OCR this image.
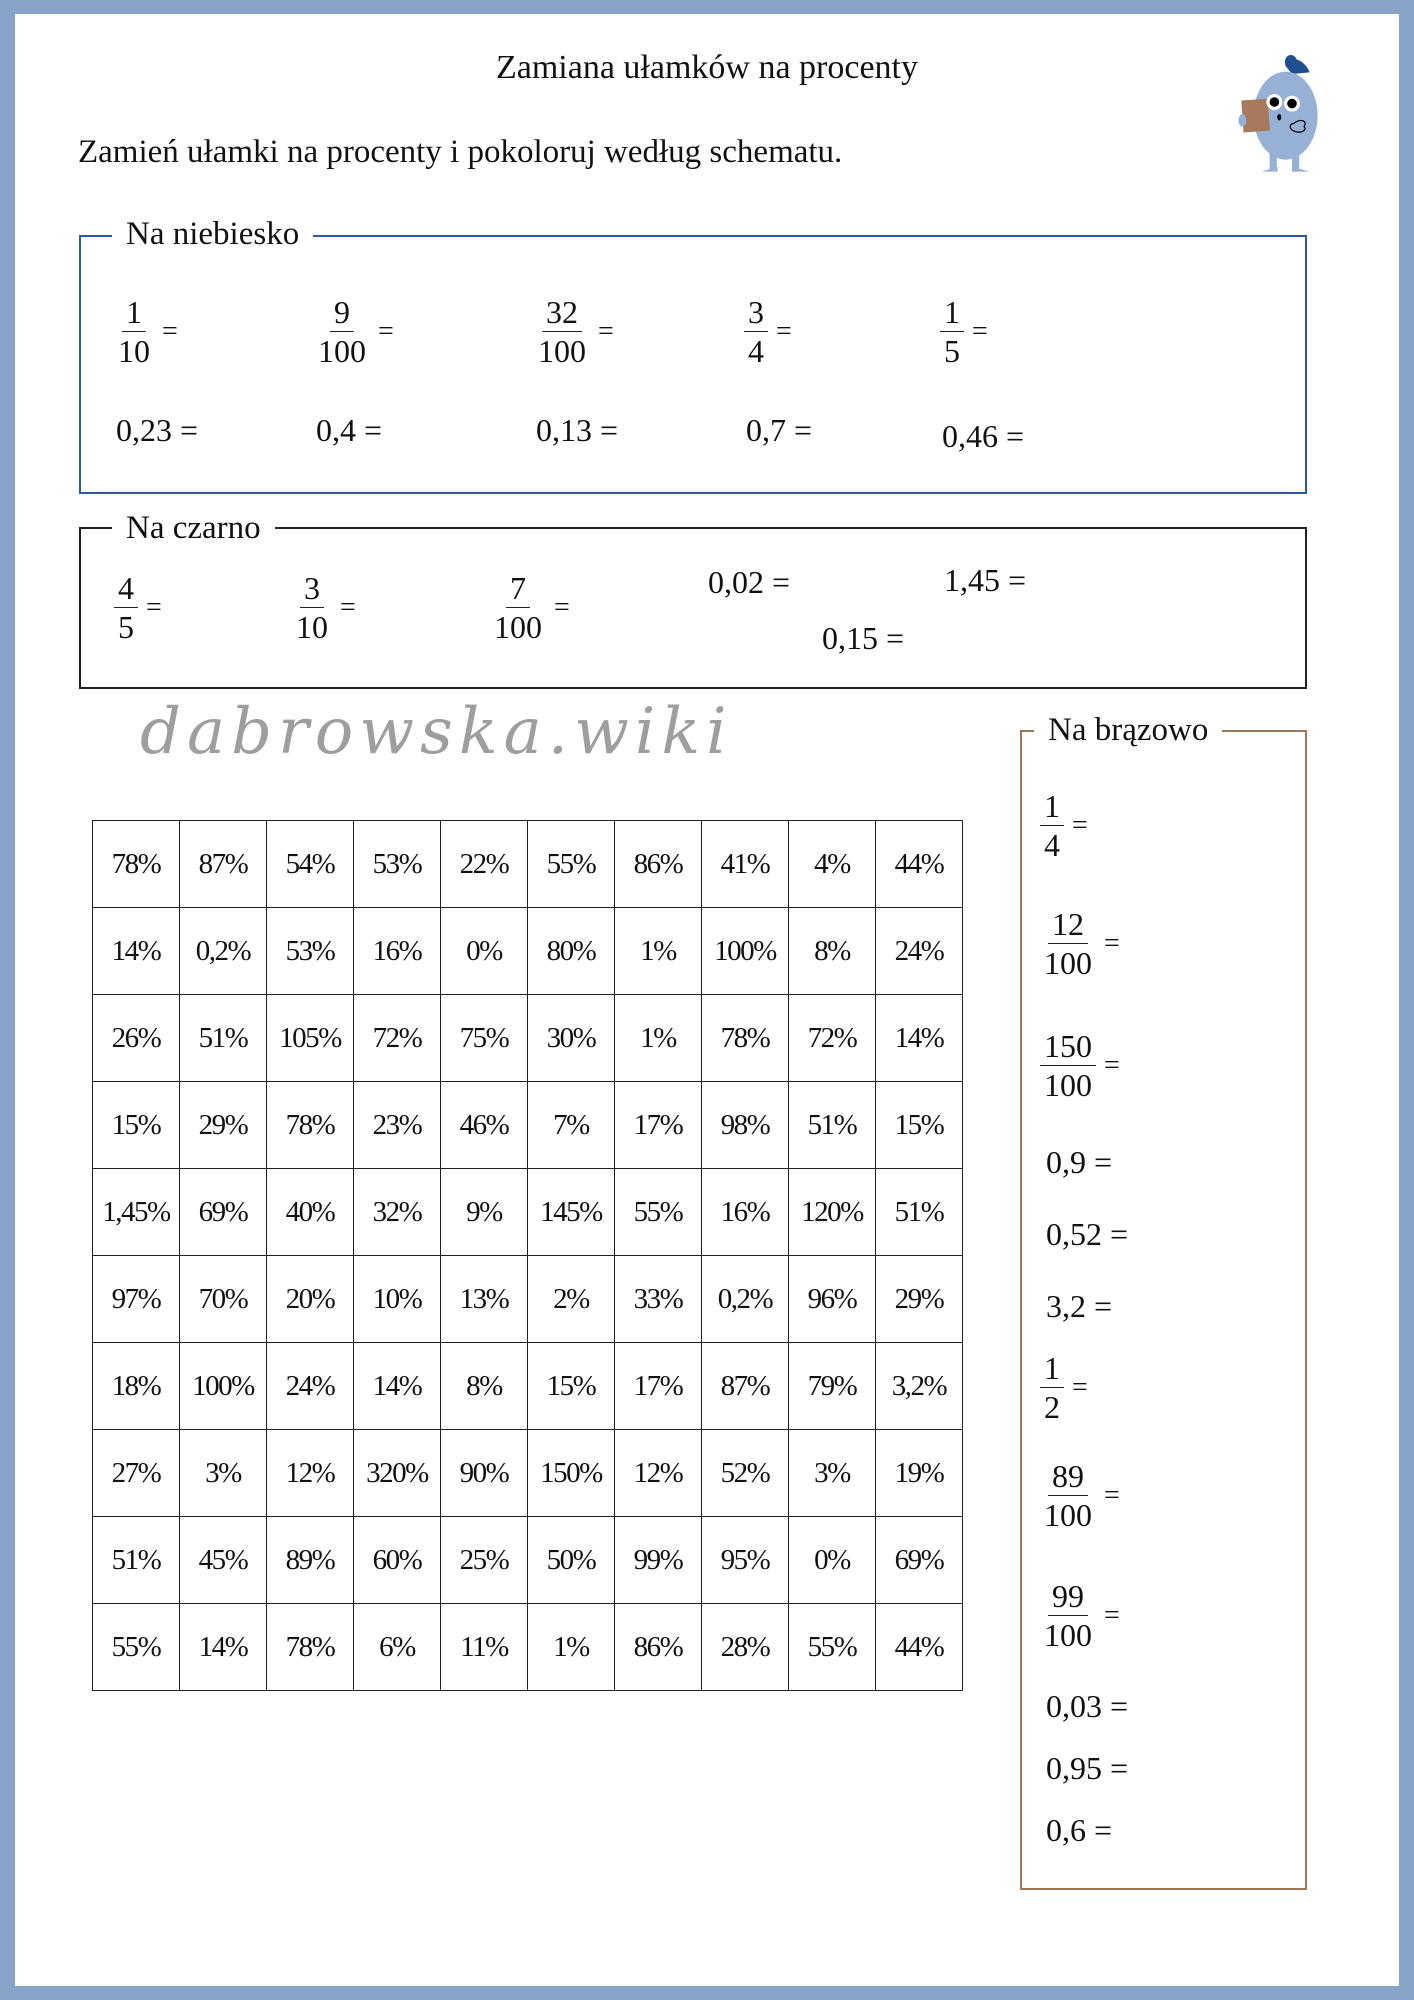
Zamiana ułamków na procenty
Zamień ułamki na procenty i pokoloruj według schematu.
dabrowska.wiki
Na niebiesko
$\frac{1}{10}$ =	$\frac{9}{100}$ =	$\frac{32}{100}$ =	$\frac{3}{4}$ =	$\frac{1}{5}$ =
0,23 =	0,4 =	0,13 =	0,7 =	0,46 =
Na czarno
$\frac{4}{5}$ =	$\frac{3}{10}$ =	$\frac{7}{100}$ =
0,02 =	1,45 =
0,15 =
Na brązowo
$\frac{1}{4}$ =
$\frac{12}{100}$ =
$\frac{150}{100}$ =
0,9 =
0,52 =
3,2 =
$\frac{1}{2}$ =
$\frac{89}{100}$ =
$\frac{99}{100}$ =
0,03 =
0,95 =
0,6 =
78%	87%	54%	53%	22%	55%	86%	41%	4%	44%
14%	0,2%	53%	16%	0%	80%	1%	100%	8%	24%
26%	51%	105%	72%	75%	30%	1%	78%	72%	14%
15%	29%	78%	23%	46%	7%	17%	98%	51%	15%
1,45%	69%	40%	32%	9%	145%	55%	16%	120%	51%
97%	70%	20%	10%	13%	2%	33%	0,2%	96%	29%
18%	100%	24%	14%	8%	15%	17%	87%	79%	3,2%
27%	3%	12%	320%	90%	150%	12%	52%	3%	19%
51%	45%	89%	60%	25%	50%	99%	95%	0%	69%
55%	14%	78%	6%	11%	1%	86%	28%	55%	44%
